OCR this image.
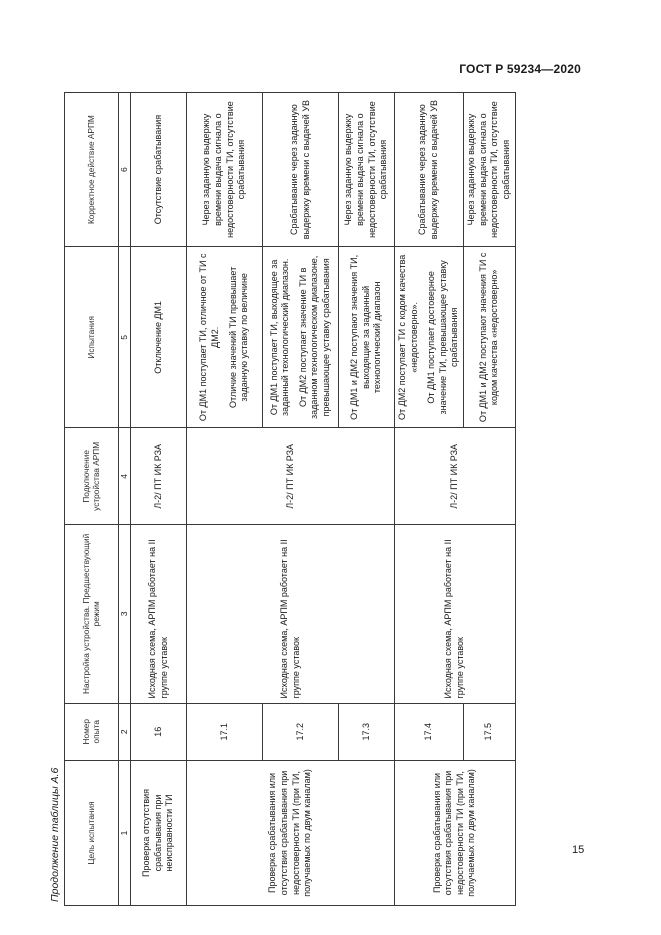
ГОСТ Р 59234—2020
Продолжение таблицы А.6	Цель испытания	Номер опыта	Настройка устройства. Предшествующий режим	Подключение устройства АРПМ	Испытания	Корректное действие АРПМ
1	2	3	4	5	6
Проверка отсутствия срабатывания при неисправности ТИ	16	Исходная схема, АРПМ работает на II группе уставок	Л-2/ ПТ ИК РЗА	Отключение ДМ1	Отсутствие срабатывания
Проверка срабатывания или отсутствия срабатывания при недостоверности ТИ (при ТИ, получаемых по двум каналам)	17.1	Исходная схема, АРПМ работает на II группе уставок	Л-2/ ПТ ИК РЗА	От ДМ1 поступает ТИ, отличное от ТИ с ДМ2. Отличие значений ТИ превышает заданную уставку по величине	Через заданную выдержку времени выдача сигнала о недостоверности ТИ, отсутствие срабатывания
	17.2			От ДМ1 поступает ТИ, выходящее за заданный технологический диапазон. От ДМ2 поступает значение ТИ в заданном технологическом диапазоне, превышающее уставку срабатывания	Срабатывание через заданную выдержку времени с выдачей УВ
	17.3			От ДМ1 и ДМ2 поступают значения ТИ, выходящие за заданный технологический диапазон	Через заданную выдержку времени выдача сигнала о недостоверности ТИ, отсутствие срабатывания
Проверка срабатывания или отсутствия срабатывания при недостоверности ТИ (при ТИ, получаемых по двум каналам)	17.4	Исходная схема, АРПМ работает на II группе уставок	Л-2/ ПТ ИК РЗА	От ДМ2 поступает ТИ с кодом качества «недостоверно». От ДМ1 поступает достоверное значение ТИ, превышающее уставку срабатывания	Срабатывание через заданную выдержку времени с выдачей УВ
	17.5			От ДМ1 и ДМ2 поступают значения ТИ с кодом качества «недостоверно»	Через заданную выдержку времени выдача сигнала о недостоверности ТИ, отсутствие срабатывания
15
